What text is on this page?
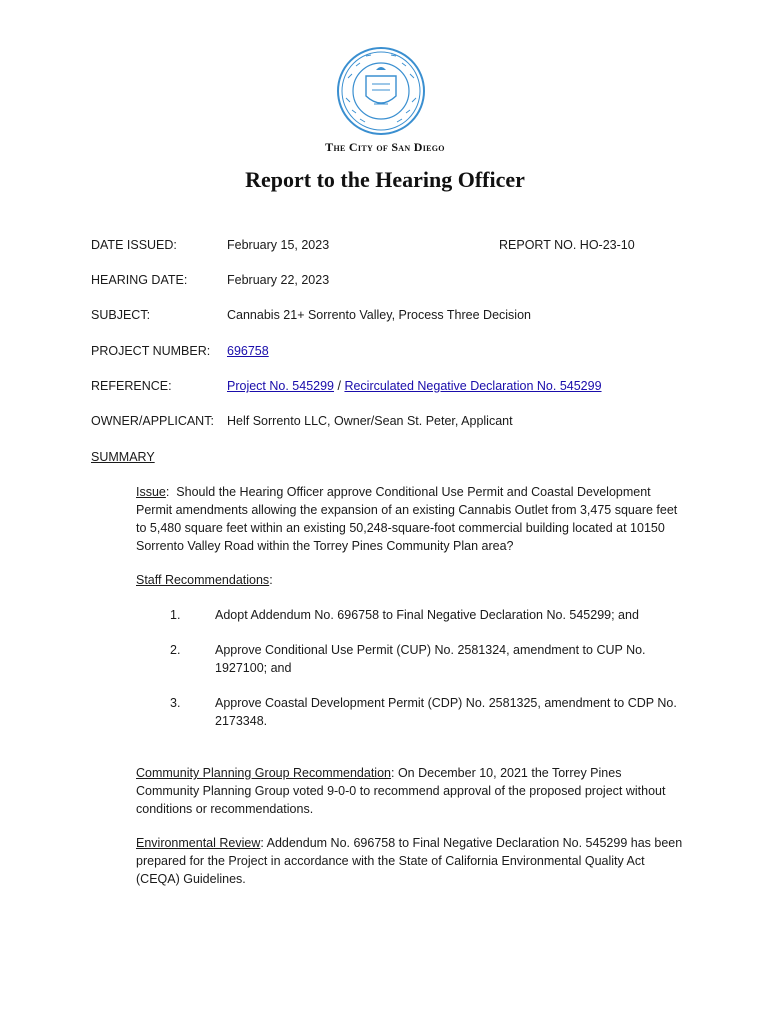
The City of San Diego
Report to the Hearing Officer
DATE ISSUED:	February 15, 2023	REPORT NO. HO-23-10
HEARING DATE:	February 22, 2023
SUBJECT:	Cannabis 21+ Sorrento Valley, Process Three Decision
PROJECT NUMBER: 696758
REFERENCE:	Project No. 545299 / Recirculated Negative Declaration No. 545299
OWNER/APPLICANT: Helf Sorrento LLC, Owner/Sean St. Peter, Applicant
SUMMARY
Issue:  Should the Hearing Officer approve Conditional Use Permit and Coastal Development Permit amendments allowing the expansion of an existing Cannabis Outlet from 3,475 square feet to 5,480 square feet within an existing 50,248-square-foot commercial building located at 10150 Sorrento Valley Road within the Torrey Pines Community Plan area?
Staff Recommendations:
1.	Adopt Addendum No. 696758 to Final Negative Declaration No. 545299; and
2.	Approve Conditional Use Permit (CUP) No. 2581324, amendment to CUP No. 1927100; and
3.	Approve Coastal Development Permit (CDP) No. 2581325, amendment to CDP No. 2173348.
Community Planning Group Recommendation: On December 10, 2021 the Torrey Pines Community Planning Group voted 9-0-0 to recommend approval of the proposed project without conditions or recommendations.
Environmental Review: Addendum No. 696758 to Final Negative Declaration No. 545299 has been prepared for the Project in accordance with the State of California Environmental Quality Act (CEQA) Guidelines.
